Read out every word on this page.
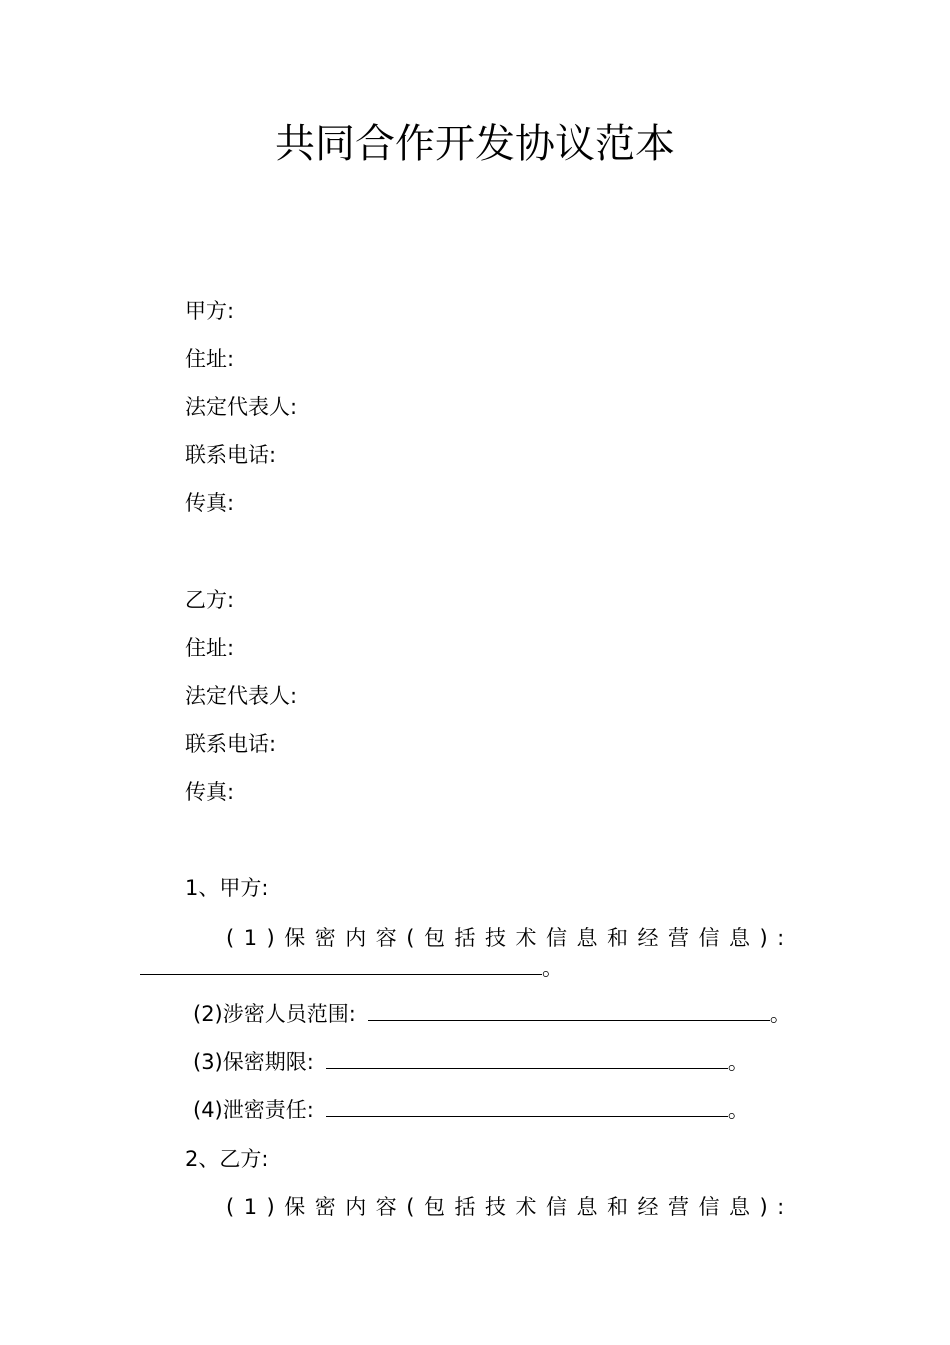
共同合作开发协议范本
甲方:
住址:
法定代表人:
联系电话:
传真:
乙方:
住址:
法定代表人:
联系电话:
传真:
1、甲方:
(1)保密内容(包括技术信息和经营信息):
。
(2)涉密人员范围:	。
(3)保密期限:	。
(4)泄密责任:	。
2、乙方:
(1)保密内容(包括技术信息和经营信息):
